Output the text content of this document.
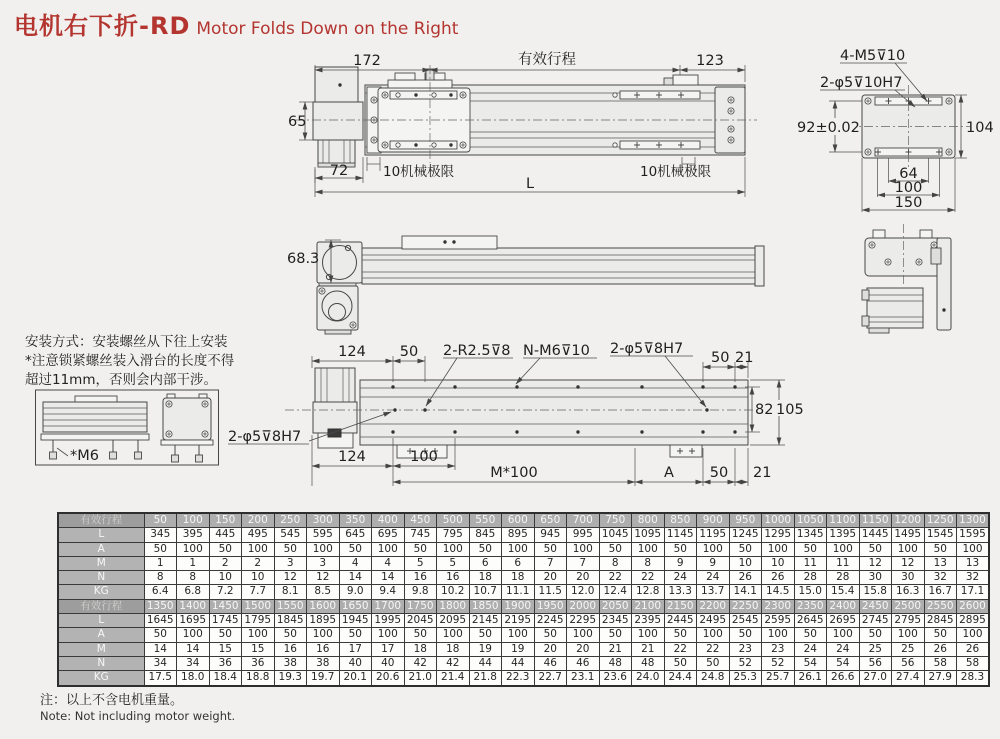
电机右下折-RD Motor Folds Down on the Right
172	有效行程	123
65
72	10机械极限	10机械极限
L
4-M5⊽10
2-φ5⊽10H7
92±0.02	104
64
100
150
68.3
安装方式：安装螺丝从下往上安装
*注意锁紧螺丝装入滑台的长度不得
超过11mm，否则会内部干涉。
*M6
124 50 2-R2.5⊽8 N-M6⊽10 2-φ5⊽8H7
50 21
82 105
2-φ5⊽8H7
124	100
M*100	A 50 21
有效行程	50	100	150	200	250	300	350	400	450	500	550	600	650	700	750	800	850	900	950	1000	1050	1100	1150	1200	1250	1300
L	345	395	445	495	545	595	645	695	745	795	845	895	945	995	1045	1095	1145	1195	1245	1295	1345	1395	1445	1495	1545	1595
A	50	100	50	100	50	100	50	100	50	100	50	100	50	100	50	100	50	100	50	100	50	100	50	100	50	100
M	1	1	2	2	3	3	4	4	5	5	6	6	7	7	8	8	9	9	10	10	11	11	12	12	13	13
N	8	8	10	10	12	12	14	14	16	16	18	18	20	20	22	22	24	24	26	26	28	28	30	30	32	32
KG	6.4	6.8	7.2	7.7	8.1	8.5	9.0	9.4	9.8	10.2	10.7	11.1	11.5	12.0	12.4	12.8	13.3	13.7	14.1	14.5	15.0	15.4	15.8	16.3	16.7	17.1
有效行程	1350	1400	1450	1500	1550	1600	1650	1700	1750	1800	1850	1900	1950	2000	2050	2100	2150	2200	2250	2300	2350	2400	2450	2500	2550	2600
L	1645	1695	1745	1795	1845	1895	1945	1995	2045	2095	2145	2195	2245	2295	2345	2395	2445	2495	2545	2595	2645	2695	2745	2795	2845	2895
A	50	100	50	100	50	100	50	100	50	100	50	100	50	100	50	100	50	100	50	100	50	100	50	100	50	100
M	14	14	15	15	16	16	17	17	18	18	19	19	20	20	21	21	22	22	23	23	24	24	25	25	26	26
N	34	34	36	36	38	38	40	40	42	42	44	44	46	46	48	48	50	50	52	52	54	54	56	56	58	58
KG	17.5	18.0	18.4	18.8	19.3	19.7	20.1	20.6	21.0	21.4	21.8	22.3	22.7	23.1	23.6	24.0	24.4	24.8	25.3	25.7	26.1	26.6	27.0	27.4	27.9	28.3
注：以上不含电机重量。
Note: Not including motor weight.
